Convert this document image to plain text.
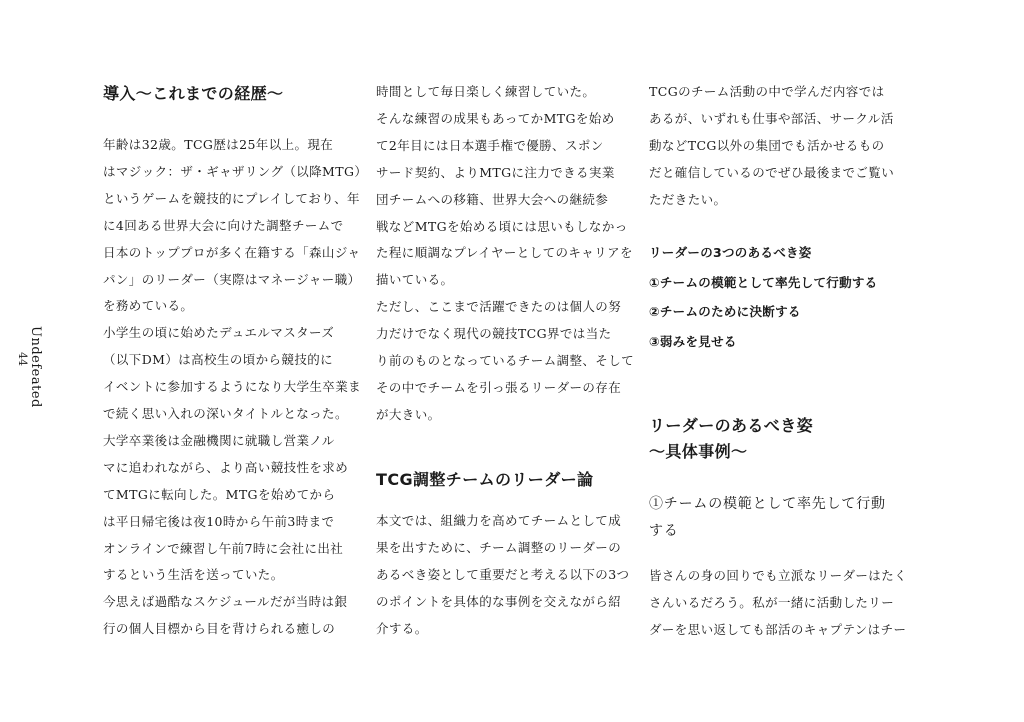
Undefeated
44
導入〜これまでの経歴〜
年齢は32歳。TCG歴は25年以上。現在
はマジック：ザ・ギャザリング（以降MTG）
というゲームを競技的にプレイしており、年
に4回ある世界大会に向けた調整チームで
日本のトッププロが多く在籍する「森山ジャ
パン」のリーダー（実際はマネージャー職）
を務めている。
小学生の頃に始めたデュエルマスターズ
（以下DM）は高校生の頃から競技的に
イベントに参加するようになり大学生卒業ま
で続く思い入れの深いタイトルとなった。
大学卒業後は金融機関に就職し営業ノル
マに追われながら、より高い競技性を求め
てMTGに転向した。MTGを始めてから
は平日帰宅後は夜10時から午前3時まで
オンラインで練習し午前7時に会社に出社
するという生活を送っていた。
今思えば過酷なスケジュールだが当時は銀
行の個人目標から目を背けられる癒しの
時間として毎日楽しく練習していた。
そんな練習の成果もあってかMTGを始め
て2年目には日本選手権で優勝、スポン
サード契約、よりMTGに注力できる実業
団チームへの移籍、世界大会への継続参
戦などMTGを始める頃には思いもしなかっ
た程に順調なプレイヤーとしてのキャリアを
描いている。
ただし、ここまで活躍できたのは個人の努
力だけでなく現代の競技TCG界では当た
り前のものとなっているチーム調整、そして
その中でチームを引っ張るリーダーの存在
が大きい。
TCG調整チームのリーダー論
本文では、組織力を高めてチームとして成
果を出すために、チーム調整のリーダーの
あるべき姿として重要だと考える以下の3つ
のポイントを具体的な事例を交えながら紹
介する。
TCGのチーム活動の中で学んだ内容では
あるが、いずれも仕事や部活、サークル活
動などTCG以外の集団でも活かせるもの
だと確信しているのでぜひ最後までご覧い
ただきたい。
リーダーの3つのあるべき姿
①チームの模範として率先して行動する
②チームのために決断する
③弱みを見せる
リーダーのあるべき姿
〜具体事例〜
①チームの模範として率先して行動
する
皆さんの身の回りでも立派なリーダーはたく
さんいるだろう。私が一緒に活動したリー
ダーを思い返しても部活のキャプテンはチー
